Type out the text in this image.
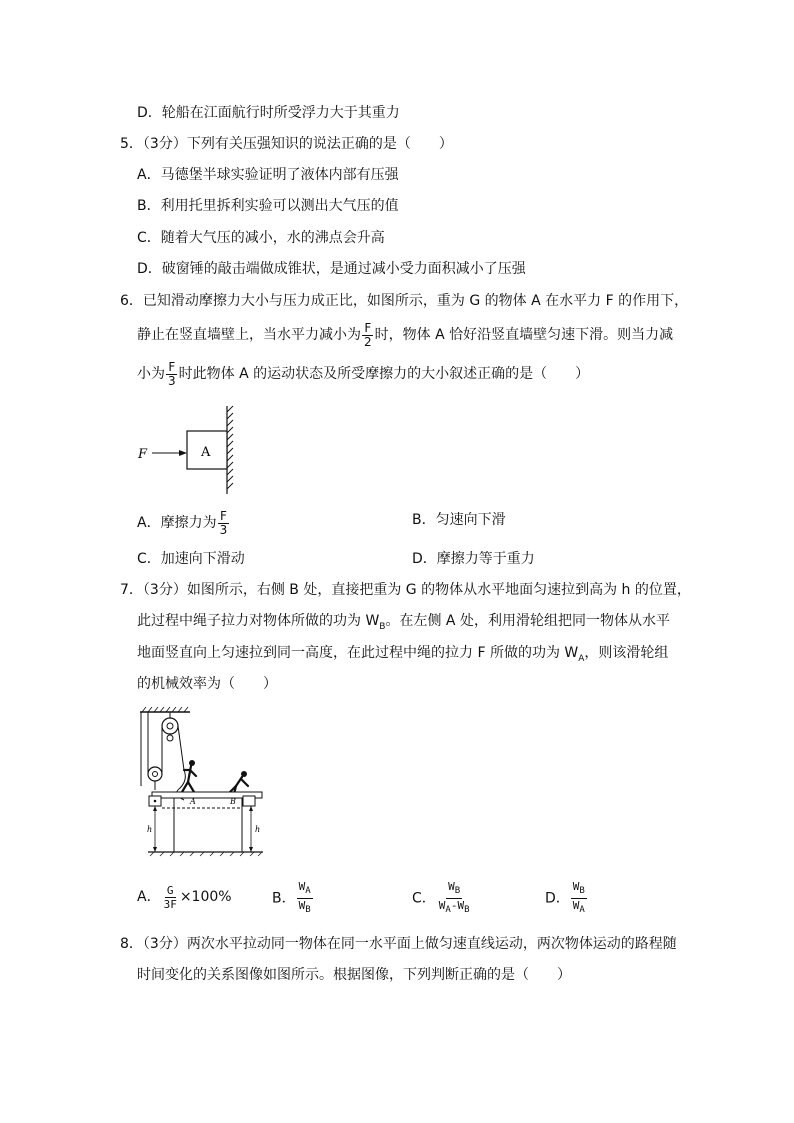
D．轮船在江面航行时所受浮力大于其重力
5．（3分）下列有关压强知识的说法正确的是（　　）
A．马德堡半球实验证明了液体内部有压强
B．利用托里拆利实验可以测出大气压的值
C．随着大气压的减小，水的沸点会升高
D．破窗锤的敲击端做成锥状，是通过减小受力面积减小了压强
6．已知滑动摩擦力大小与压力成正比，如图所示，重为 G 的物体 A 在水平力 F 的作用下，
静止在竖直墙壁上，当水平力减小为 $\frac{F}{2}$ 时，物体 A 恰好沿竖直墙壁匀速下滑。则当力减
小为 $\frac{F}{3}$ 时此物体 A 的运动状态及所受摩擦力的大小叙述正确的是（　　）
A
F
A．摩擦力为 $\frac{F}{3}$	B．匀速向下滑
C．加速向下滑动	D．摩擦力等于重力
7．（3分）如图所示，右侧 B 处，直接把重为 G 的物体从水平地面匀速拉到高为 h 的位置，
此过程中绳子拉力对物体所做的功为 $W_B$。在左侧 A 处，利用滑轮组把同一物体从水平
地面竖直向上匀速拉到同一高度，在此过程中绳的拉力 F 所做的功为 $W_A$，则该滑轮组
的机械效率为（　　）
A	B
h	h
A． $\frac{G}{3F} \times 100\%$	B． $\frac{W_A}{W_B}$	C． $\frac{W_B}{W_A-W_B}$	D． $\frac{W_B}{W_A}$
8．（3分）两次水平拉动同一物体在同一水平面上做匀速直线运动，两次物体运动的路程随
时间变化的关系图像如图所示。根据图像，下列判断正确的是（　　）
